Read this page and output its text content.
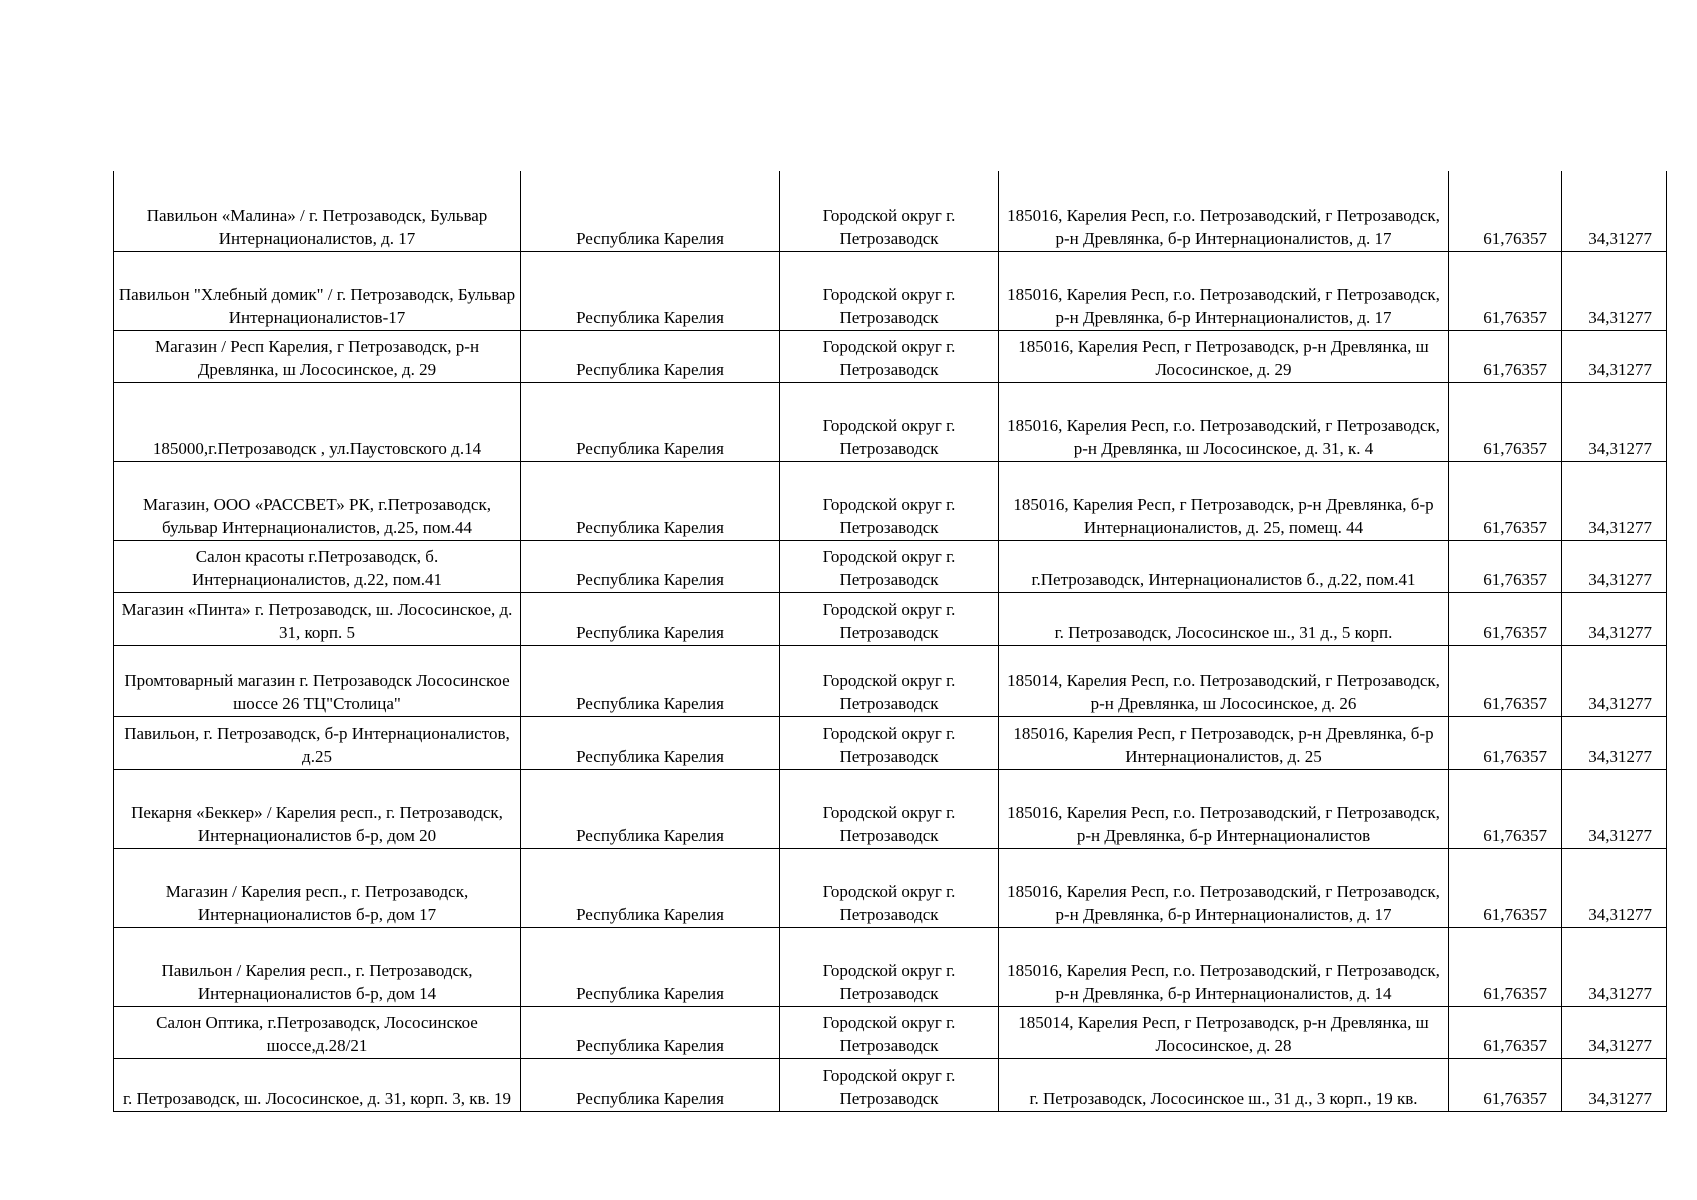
Павильон «Малина» / г. Петрозаводск, Бульвар Интернационалистов, д. 17	Республика Карелия	Городской округ г. Петрозаводск	185016, Карелия Респ, г.о. Петрозаводский, г Петрозаводск, р-н Древлянка, б-р Интернационалистов, д. 17	61,76357	34,31277
Павильон "Хлебный домик" / г. Петрозаводск, Бульвар Интернационалистов-17	Республика Карелия	Городской округ г. Петрозаводск	185016, Карелия Респ, г.о. Петрозаводский, г Петрозаводск, р-н Древлянка, б-р Интернационалистов, д. 17	61,76357	34,31277
Магазин / Респ Карелия, г Петрозаводск, р-н Древлянка, ш Лососинское, д. 29	Республика Карелия	Городской округ г. Петрозаводск	185016, Карелия Респ, г Петрозаводск, р-н Древлянка, ш Лососинское, д. 29	61,76357	34,31277
185000,г.Петрозаводск , ул.Паустовского д.14	Республика Карелия	Городской округ г. Петрозаводск	185016, Карелия Респ, г.о. Петрозаводский, г Петрозаводск, р-н Древлянка, ш Лососинское, д. 31, к. 4	61,76357	34,31277
Магазин, ООО «РАССВЕТ» РК, г.Петрозаводск, бульвар Интернационалистов, д.25, пом.44	Республика Карелия	Городской округ г. Петрозаводск	185016, Карелия Респ, г Петрозаводск, р-н Древлянка, б-р Интернационалистов, д. 25, помещ. 44	61,76357	34,31277
Салон красоты г.Петрозаводск, б. Интернационалистов, д.22, пом.41	Республика Карелия	Городской округ г. Петрозаводск	г.Петрозаводск, Интернационалистов б., д.22, пом.41	61,76357	34,31277
Магазин «Пинта» г. Петрозаводск, ш. Лососинское, д. 31, корп. 5	Республика Карелия	Городской округ г. Петрозаводск	г. Петрозаводск, Лососинское ш., 31 д., 5 корп.	61,76357	34,31277
Промтоварный магазин г. Петрозаводск Лососинское шоссе 26 ТЦ"Столица"	Республика Карелия	Городской округ г. Петрозаводск	185014, Карелия Респ, г.о. Петрозаводский, г Петрозаводск, р-н Древлянка, ш Лососинское, д. 26	61,76357	34,31277
Павильон, г. Петрозаводск, б-р Интернационалистов, д.25	Республика Карелия	Городской округ г. Петрозаводск	185016, Карелия Респ, г Петрозаводск, р-н Древлянка, б-р Интернационалистов, д. 25	61,76357	34,31277
Пекарня «Беккер» / Карелия респ., г. Петрозаводск, Интернационалистов б-р, дом 20	Республика Карелия	Городской округ г. Петрозаводск	185016, Карелия Респ, г.о. Петрозаводский, г Петрозаводск, р-н Древлянка, б-р Интернационалистов	61,76357	34,31277
Магазин / Карелия респ., г. Петрозаводск, Интернационалистов б-р, дом 17	Республика Карелия	Городской округ г. Петрозаводск	185016, Карелия Респ, г.о. Петрозаводский, г Петрозаводск, р-н Древлянка, б-р Интернационалистов, д. 17	61,76357	34,31277
Павильон / Карелия респ., г. Петрозаводск, Интернационалистов б-р, дом 14	Республика Карелия	Городской округ г. Петрозаводск	185016, Карелия Респ, г.о. Петрозаводский, г Петрозаводск, р-н Древлянка, б-р Интернационалистов, д. 14	61,76357	34,31277
Салон Оптика, г.Петрозаводск, Лососинское шоссе,д.28/21	Республика Карелия	Городской округ г. Петрозаводск	185014, Карелия Респ, г Петрозаводск, р-н Древлянка, ш Лососинское, д. 28	61,76357	34,31277
г. Петрозаводск, ш. Лососинское, д. 31, корп. 3, кв. 19	Республика Карелия	Городской округ г. Петрозаводск	г. Петрозаводск, Лососинское ш., 31 д., 3 корп., 19 кв.	61,76357	34,31277
